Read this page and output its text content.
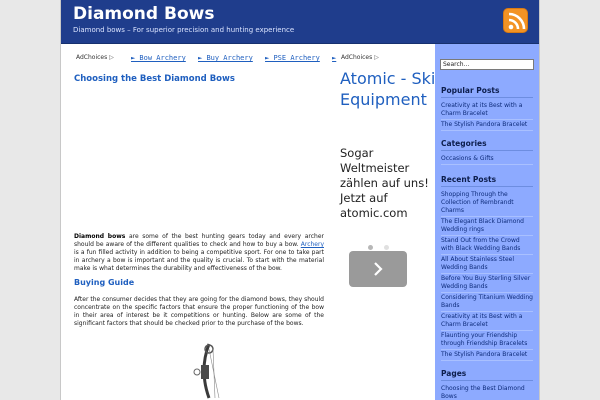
Diamond Bows
Diamond bows – For superior precision and hunting experience
AdChoices ▷ ► Bow Archery ► Buy Archery ► PSE Archery ►
Choosing the Best Diamond Bows

Diamond bows are some of the best hunting gears today and every archer should be aware of the different qualities to check and how to buy a bow. Archery is a fun filled activity in addition to being a competitive sport. For one to take part in archery a bow is important and the quality is crucial. To start with the material make is what determines the durability and effectiveness of the bow.

Buying Guide

After the consumer decides that they are going for the diamond bows, they should concentrate on the specific factors that ensure the proper functioning of the bow in their area of interest be it competitions or hunting. Below are some of the significant factors that should be checked prior to the purchase of the bows.

AdChoices ▷
Atomic - Ski Equipment
Sogar Weltmeister zählen auf uns! Jetzt auf atomic.com

Search...
Popular Posts
Creativity at its Best with a Charm Bracelet
The Stylish Pandora Bracelet
Categories
Occasions & Gifts
Recent Posts
Shopping Through the Collection of Rembrandt Charms
The Elegant Black Diamond Wedding rings
Stand Out from the Crowd with Black Wedding Bands
All About Stainless Steel Wedding Bands
Before You Buy Sterling Silver Wedding Bands
Considering Titanium Wedding Bands
Creativity at its Best with a Charm Bracelet
Flaunting your Friendship through Friendship Bracelets
The Stylish Pandora Bracelet
Pages
Choosing the Best Diamond Bows
